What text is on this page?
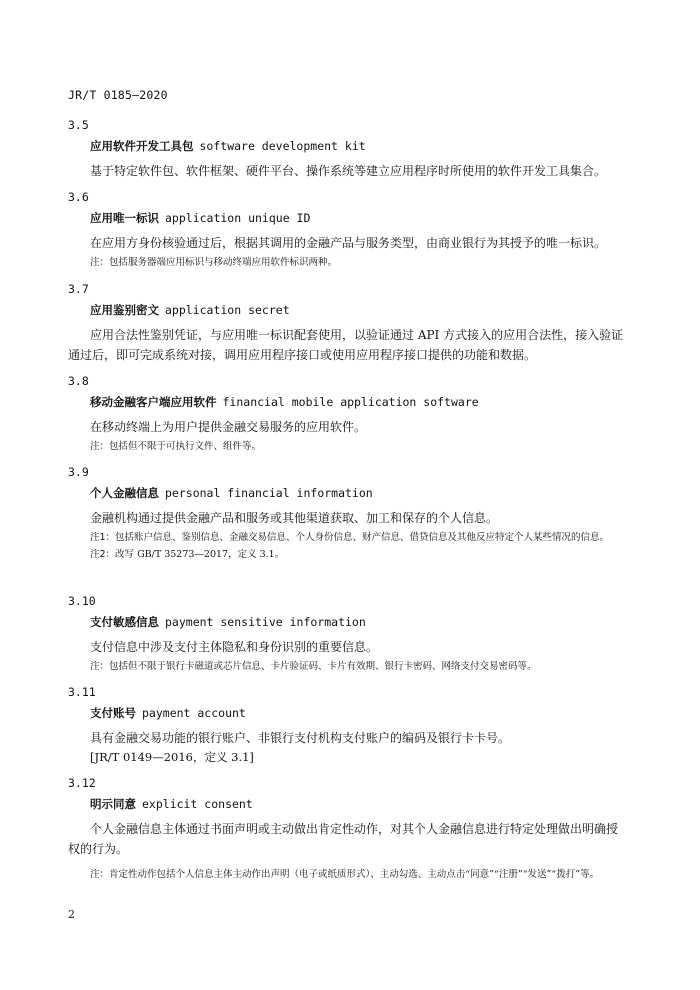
JR/T 0185—2020
3.5
应用软件开发工具包 software development kit
基于特定软件包、软件框架、硬件平台、操作系统等建立应用程序时所使用的软件开发工具集合。
3.6
应用唯一标识 application unique ID
在应用方身份核验通过后，根据其调用的金融产品与服务类型，由商业银行为其授予的唯一标识。
注：包括服务器端应用标识与移动终端应用软件标识两种。
3.7
应用鉴别密文 application secret
应用合法性鉴别凭证，与应用唯一标识配套使用，以验证通过 API 方式接入的应用合法性，接入验证通过后，即可完成系统对接，调用应用程序接口或使用应用程序接口提供的功能和数据。
3.8
移动金融客户端应用软件 financial mobile application software
在移动终端上为用户提供金融交易服务的应用软件。
注：包括但不限于可执行文件、组件等。
3.9
个人金融信息 personal financial information
金融机构通过提供金融产品和服务或其他渠道获取、加工和保存的个人信息。
注1：包括账户信息、鉴别信息、金融交易信息、个人身份信息、财产信息、借贷信息及其他反应特定个人某些情况的信息。
注2：改写 GB/T 35273—2017，定义 3.1。
3.10
支付敏感信息 payment sensitive information
支付信息中涉及支付主体隐私和身份识别的重要信息。
注：包括但不限于银行卡磁道或芯片信息、卡片验证码、卡片有效期、银行卡密码、网络支付交易密码等。
3.11
支付账号 payment account
具有金融交易功能的银行账户、非银行支付机构支付账户的编码及银行卡卡号。
[JR/T 0149—2016，定义 3.1]
3.12
明示同意 explicit consent
个人金融信息主体通过书面声明或主动做出肯定性动作，对其个人金融信息进行特定处理做出明确授权的行为。
注：肯定性动作包括个人信息主体主动作出声明（电子或纸质形式）、主动勾选、主动点击“同意”“注册”“发送”“拨打”等。
2
